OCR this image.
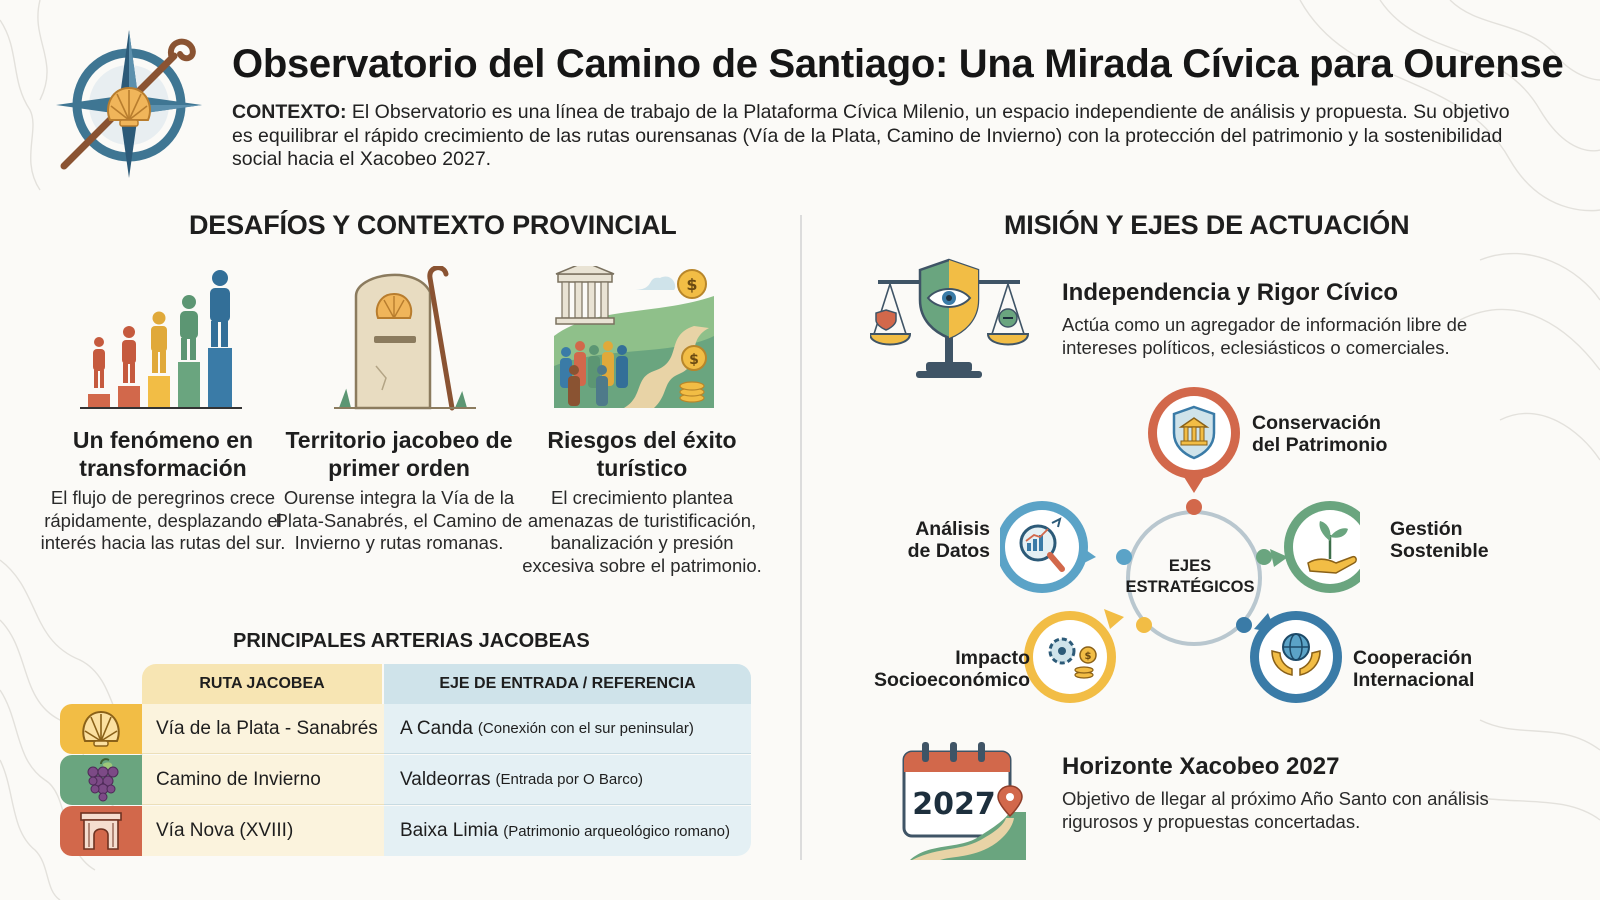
Observatorio del Camino de Santiago: Una Mirada Cívica para Ourense
CONTEXTO: El Observatorio es una línea de trabajo de la Plataforma Cívica Milenio, un espacio independiente de análisis y propuesta. Su objetivo es equilibrar el rápido crecimiento de las rutas ourensanas (Vía de la Plata, Camino de Invierno) con la protección del patrimonio y la sostenibilidad social hacia el Xacobeo 2027.
DESAFÍOS Y CONTEXTO PROVINCIAL
Un fenómeno en transformación
El flujo de peregrinos crece rápidamente, desplazando el interés hacia las rutas del sur.
Territorio jacobeo de primer orden
Ourense integra la Vía de la Plata-Sanabrés, el Camino de Invierno y rutas romanas.
$
$
Riesgos del éxito turístico
El crecimiento plantea amenazas de turistificación, banalización y presión excesiva sobre el patrimonio.
PRINCIPALES ARTERIAS JACOBEAS
RUTA JACOBEA	EJE DE ENTRADA / REFERENCIA
Vía de la Plata - Sanabrés	A Canda (Conexión con el sur peninsular)
Camino de Invierno	Valdeorras (Entrada por O Barco)
Vía Nova (XVIII)	Baixa Limia (Patrimonio arqueológico romano)
MISIÓN Y EJES DE ACTUACIÓN
Independencia y Rigor Cívico
Actúa como un agregador de información libre de intereses políticos, eclesiásticos o comerciales.
$
EJES
ESTRATÉGICOS
Conservación
del Patrimonio
Gestión
Sostenible
Análisis
de Datos
Impacto
Socioeconómico
Cooperación
Internacional
2027
Horizonte Xacobeo 2027
Objetivo de llegar al próximo Año Santo con análisis rigurosos y propuestas concertadas.
